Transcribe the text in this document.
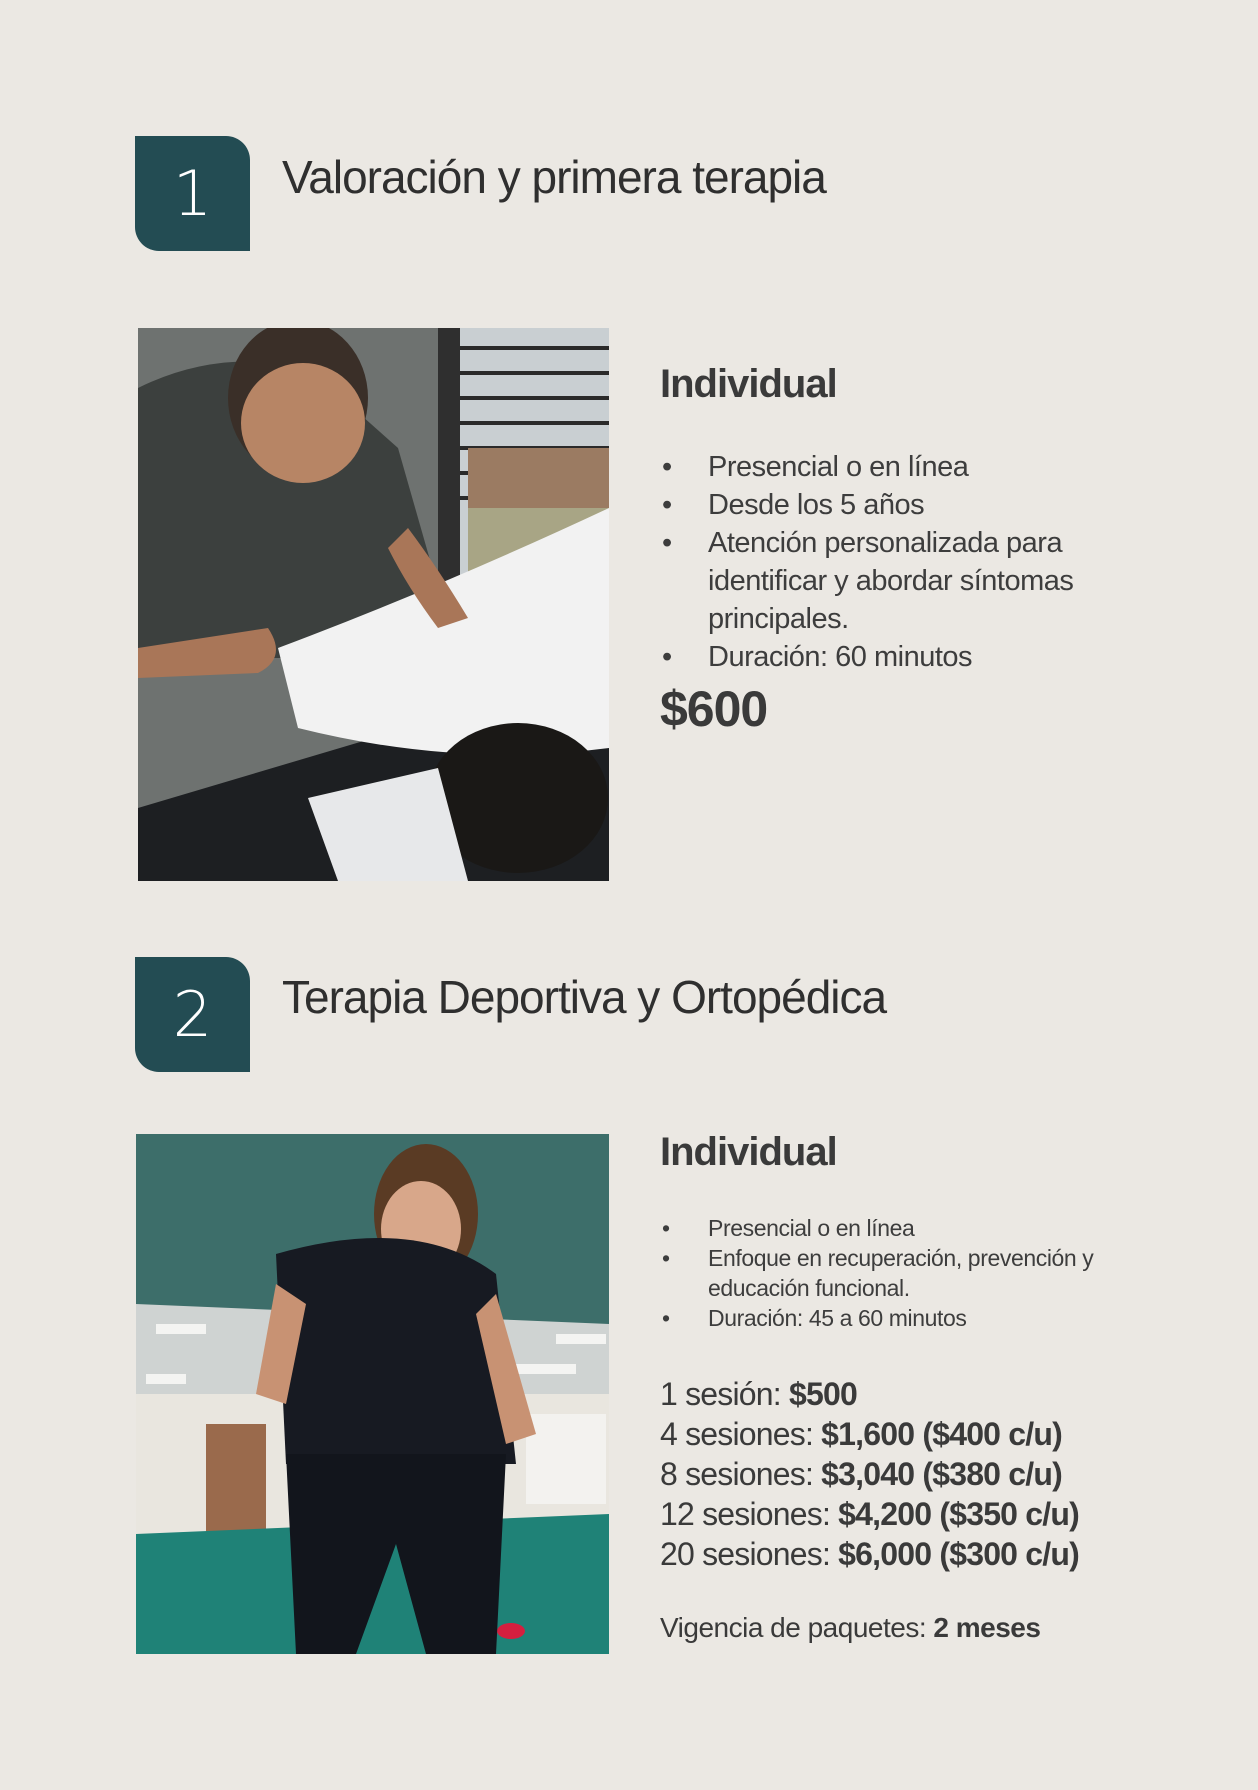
1 Valoración y primera terapia
Individual
• Presencial o en línea
• Desde los 5 años
• Atención personalizada para identificar y abordar síntomas principales.
• Duración: 60 minutos

$600

2 Terapia Deportiva y Ortopédica
Individual
• Presencial o en línea
• Enfoque en recuperación, prevención y educación funcional.
• Duración: 45 a 60 minutos
1 sesión: $500
4 sesiones: $1,600 ($400 c/u)
8 sesiones: $3,040 ($380 c/u)
12 sesiones: $4,200 ($350 c/u)
20 sesiones: $6,000 ($300 c/u)

Vigencia de paquetes: 2 meses
